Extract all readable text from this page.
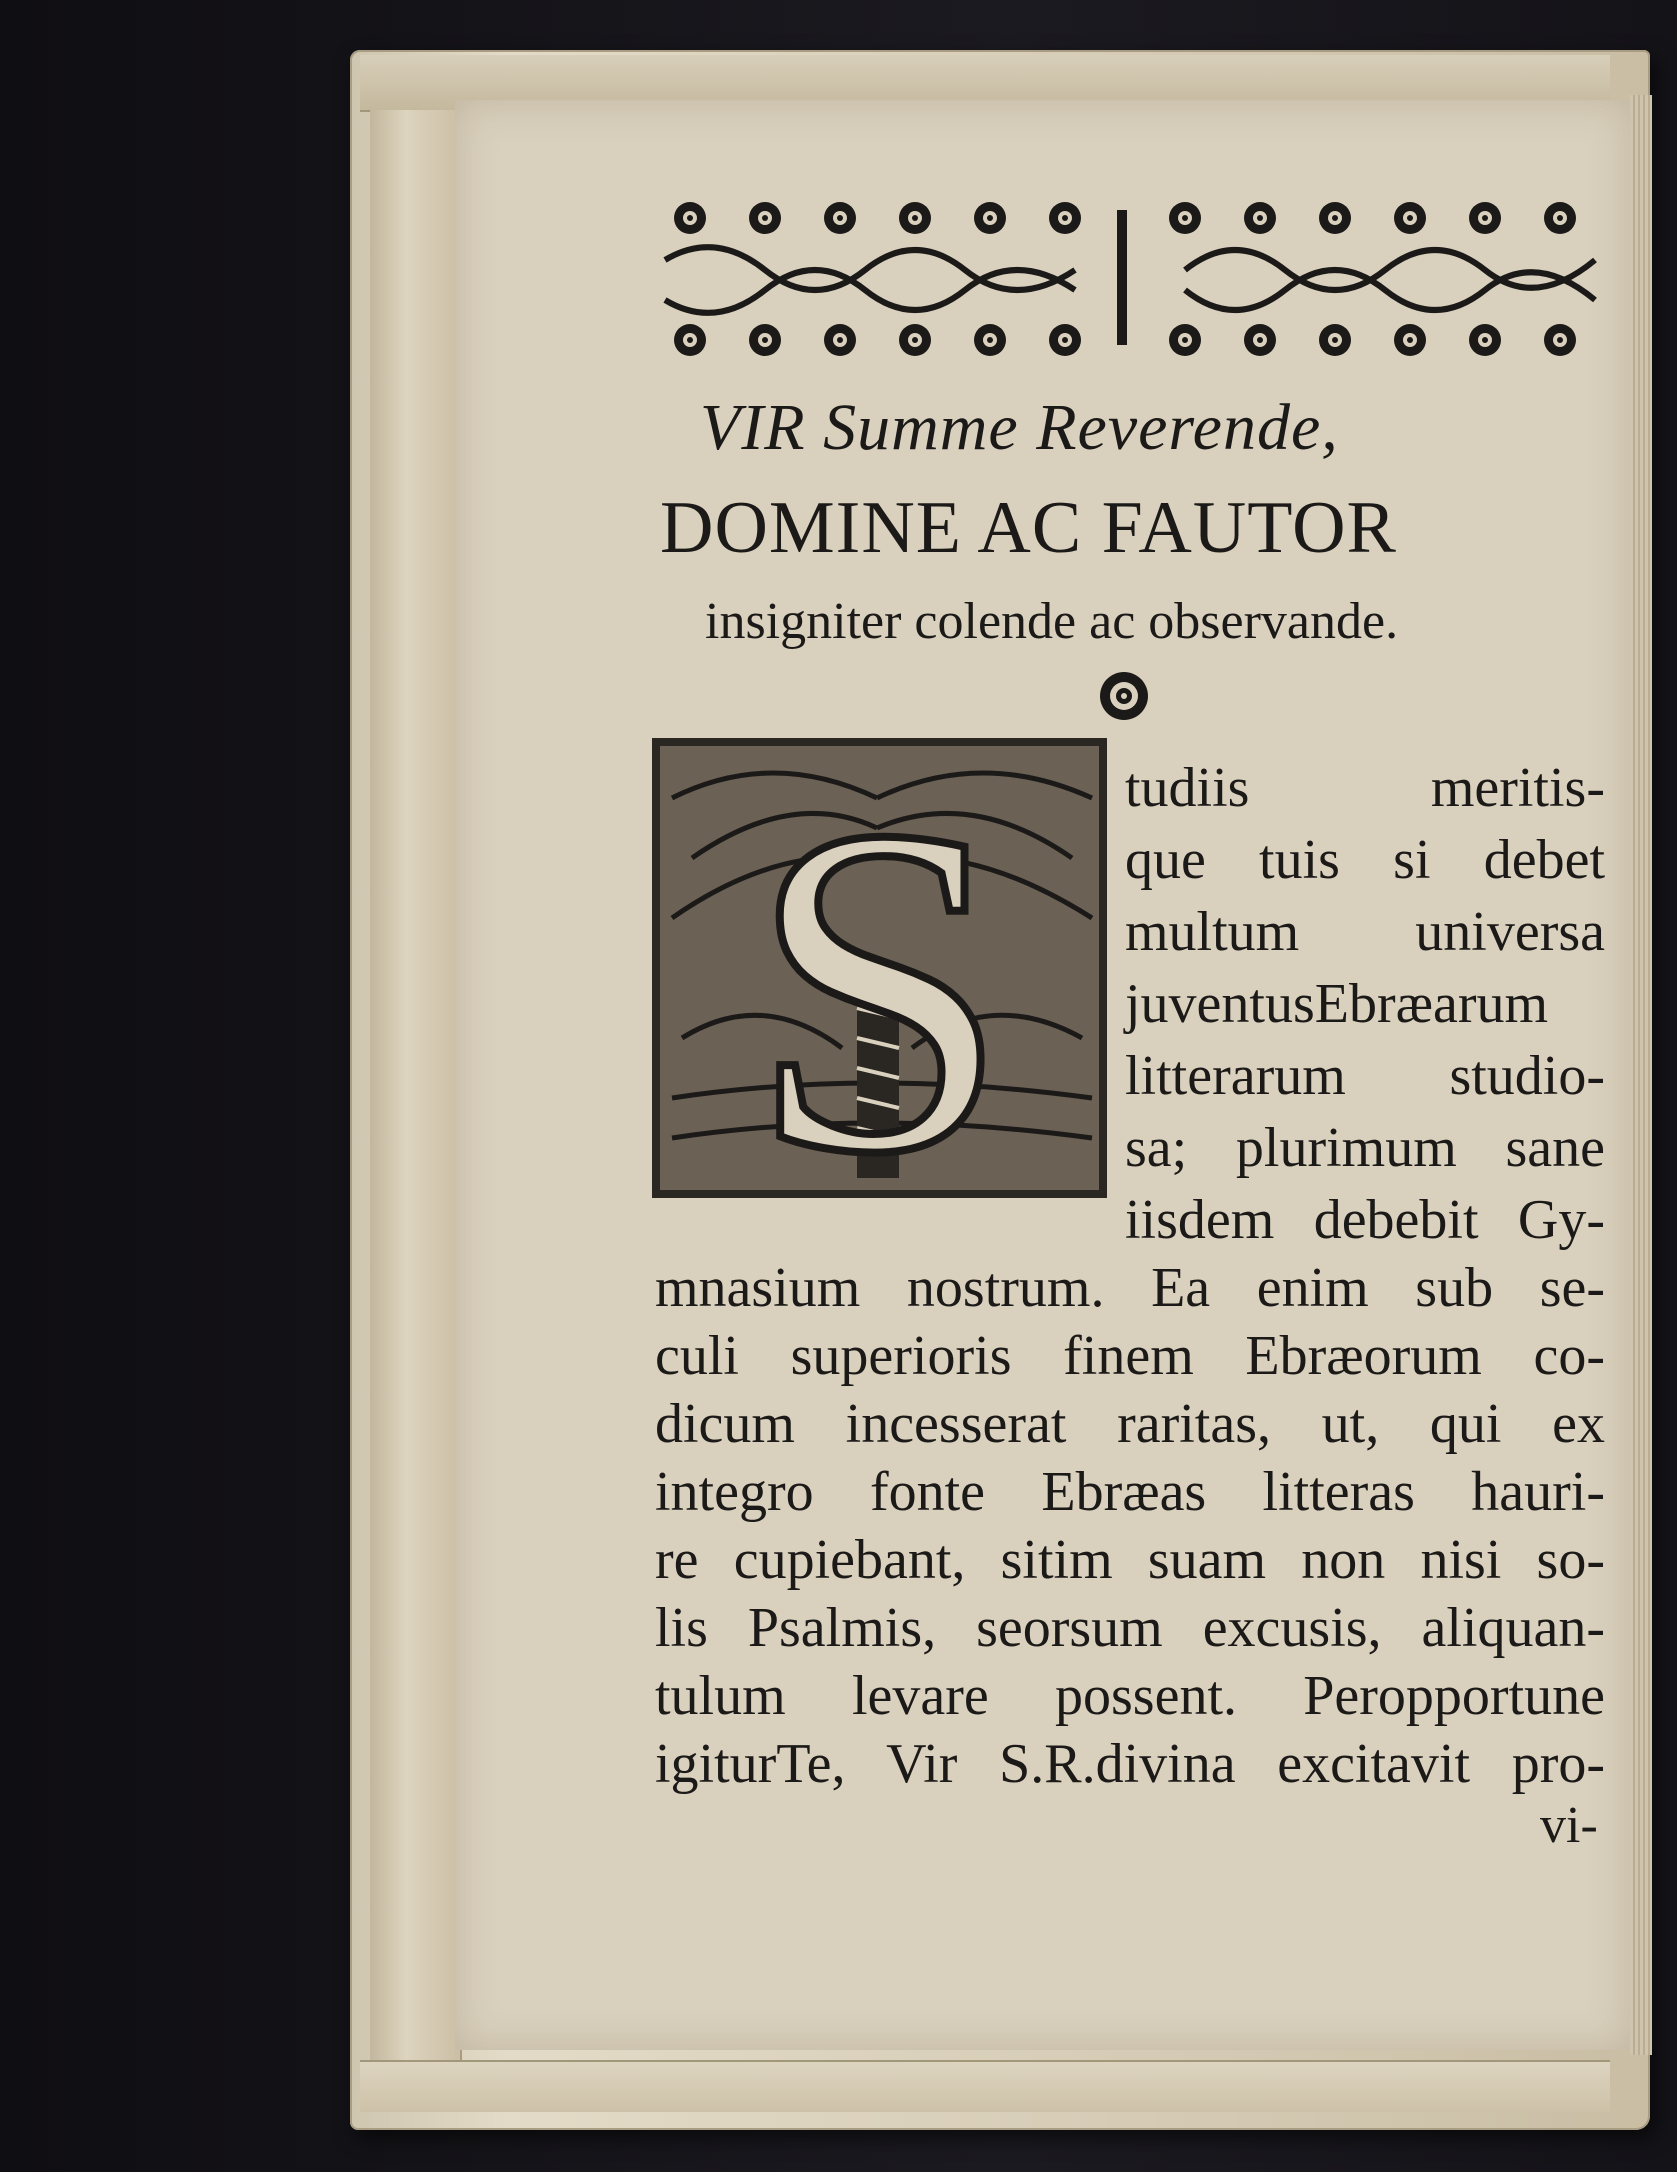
VIR Summe Reverende,
DOMINE AC FAUTOR
insigniter colende ac observande.
S tudiis meritis-
que tuis si debet
multum universa
juventusEbræarum
litterarum studio-
sa; plurimum sane
iisdem debebit Gy-
mnasium nostrum. Ea enim sub se-
culi superioris finem Ebræorum co-
dicum incesserat raritas, ut, qui ex
integro fonte Ebræas litteras hauri-
re cupiebant, sitim suam non nisi so-
lis Psalmis, seorsum excusis, aliquan-
tulum levare possent. Peropportune
igiturTe, Vir S.R.divina excitavit pro-
vi-
